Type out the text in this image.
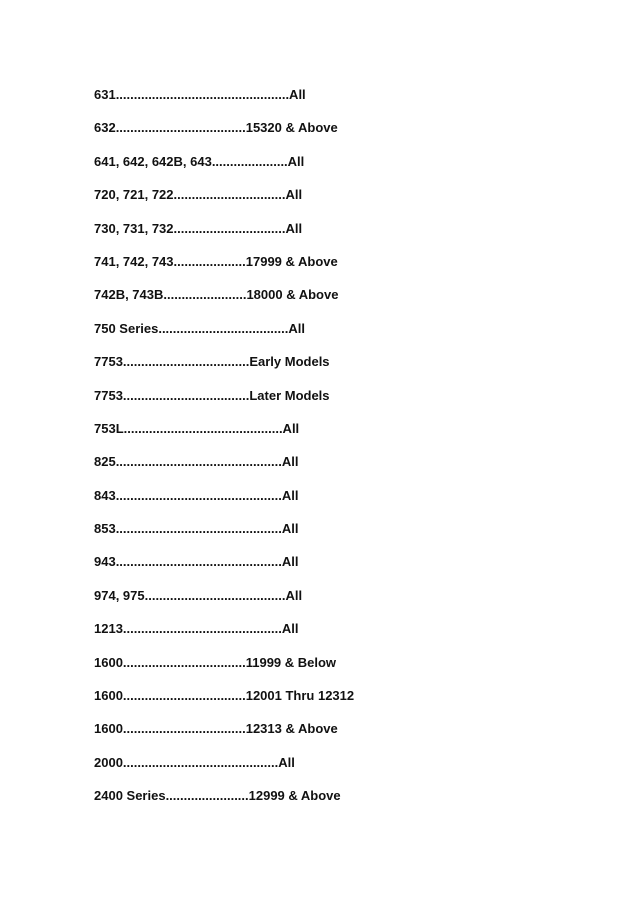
631................................................All
632....................................15320 & Above
641, 642, 642B, 643.....................All
720, 721, 722...............................All
730, 731, 732...............................All
741, 742, 743....................17999 & Above
742B, 743B.......................18000 & Above
750 Series....................................All
7753...................................Early Models
7753...................................Later Models
753L............................................All
825..............................................All
843..............................................All
853..............................................All
943..............................................All
974, 975.......................................All
1213............................................All
1600..................................11999 & Below
1600..................................12001 Thru 12312
1600..................................12313 & Above
2000...........................................All
2400 Series.......................12999 & Above
